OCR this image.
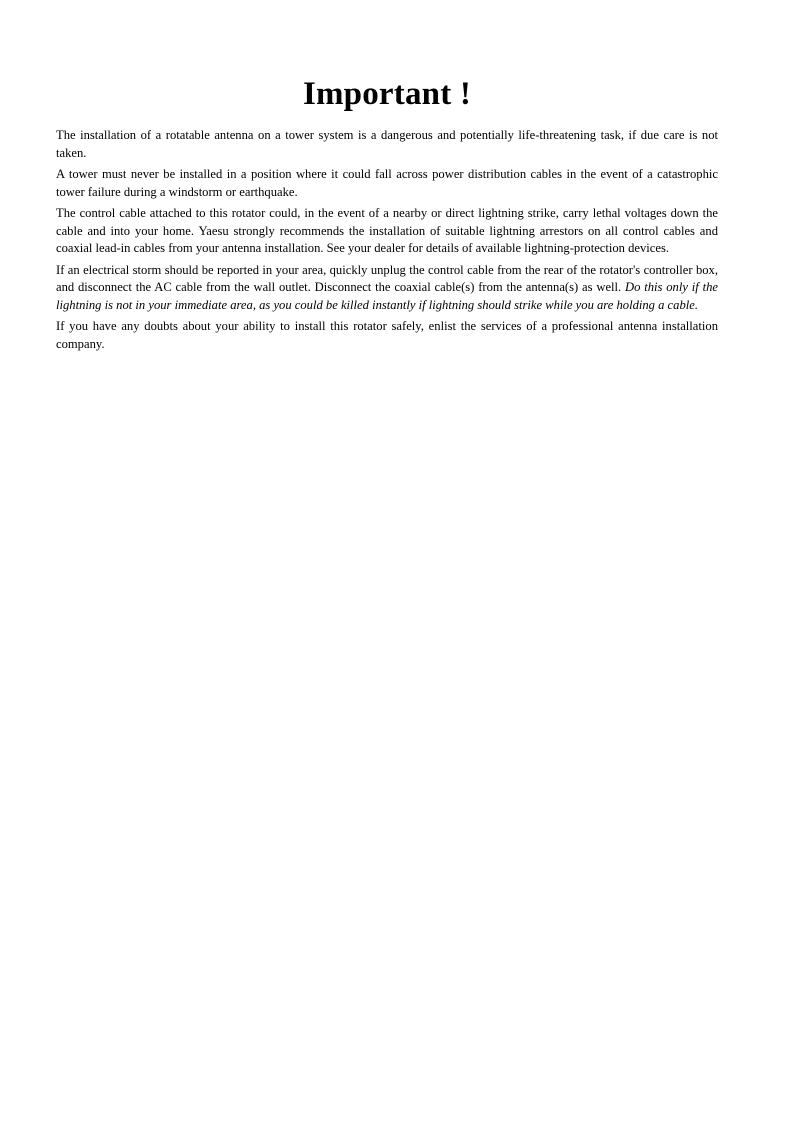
Important !

The installation of a rotatable antenna on a tower system is a dangerous and potentially life-threatening task, if due care is not taken.

A tower must never be installed in a position where it could fall across power distribution cables in the event of a catastrophic tower failure during a windstorm or earthquake.

The control cable attached to this rotator could, in the event of a nearby or direct lightning strike, carry lethal voltages down the cable and into your home. Yaesu strongly recommends the installation of suitable lightning arrestors on all control cables and coaxial lead-in cables from your antenna installation. See your dealer for details of available lightning-protection devices.

If an electrical storm should be reported in your area, quickly unplug the control cable from the rear of the rotator's controller box, and disconnect the AC cable from the wall outlet. Disconnect the coaxial cable(s) from the antenna(s) as well. Do this only if the lightning is not in your immediate area, as you could be killed instantly if lightning should strike while you are holding a cable.

If you have any doubts about your ability to install this rotator safely, enlist the services of a professional antenna installation company.
